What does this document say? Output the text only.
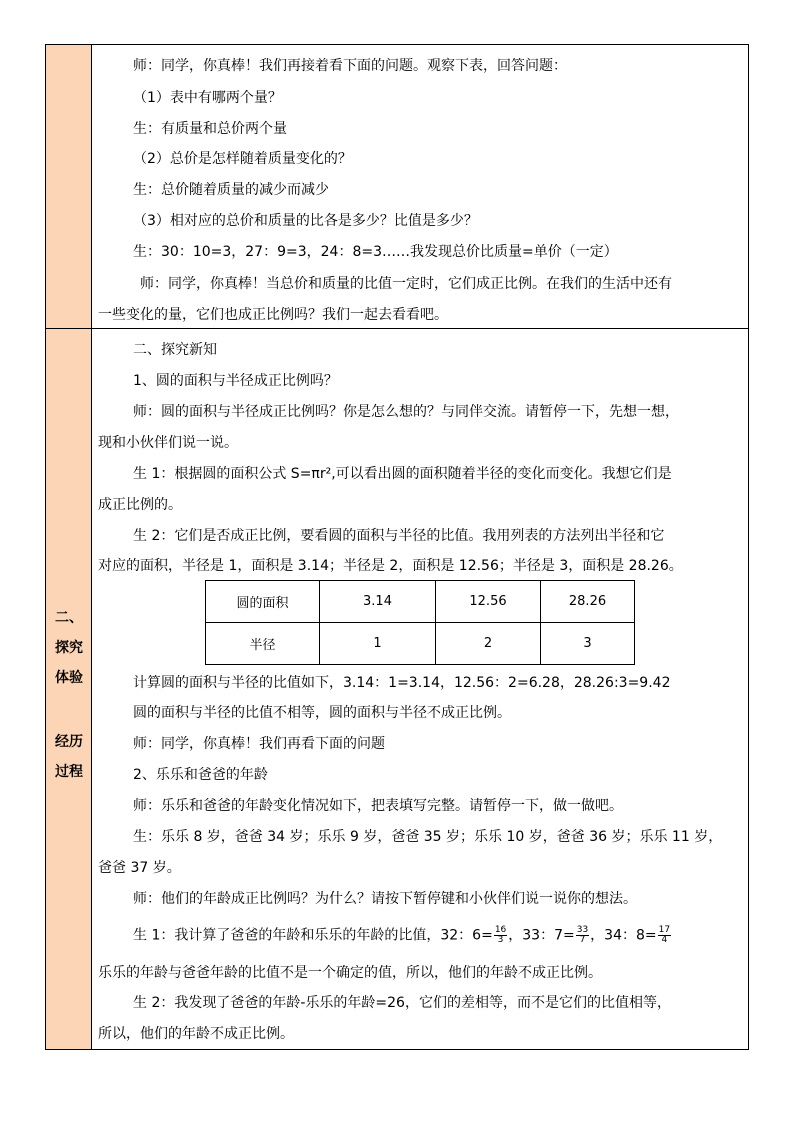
二、
探究
体验
经历
过程
师：同学，你真棒！我们再接着看下面的问题。观察下表，回答问题：
（1）表中有哪两个量？
生：有质量和总价两个量
（2）总价是怎样随着质量变化的？
生：总价随着质量的减少而减少
（3）相对应的总价和质量的比各是多少？比值是多少？
生：30：10=3，27：9=3，24：8=3……我发现总价比质量=单价（一定）
师：同学，你真棒！当总价和质量的比值一定时，它们成正比例。在我们的生活中还有
一些变化的量，它们也成正比例吗？我们一起去看看吧。
二、探究新知
1、圆的面积与半径成正比例吗？
师：圆的面积与半径成正比例吗？你是怎么想的？与同伴交流。请暂停一下，先想一想，
现和小伙伴们说一说。
生 1：根据圆的面积公式 S=πr²,可以看出圆的面积随着半径的变化而变化。我想它们是
成正比例的。
生 2：它们是否成正比例，要看圆的面积与半径的比值。我用列表的方法列出半径和它
对应的面积，半径是 1，面积是 3.14；半径是 2，面积是 12.56；半径是 3，面积是 28.26。
圆的面积	3.14	12.56	28.26
半径	1	2	3
计算圆的面积与半径的比值如下，3.14：1=3.14，12.56：2=6.28，28.26:3=9.42
圆的面积与半径的比值不相等，圆的面积与半径不成正比例。
师：同学，你真棒！我们再看下面的问题
2、乐乐和爸爸的年龄
师：乐乐和爸爸的年龄变化情况如下，把表填写完整。请暂停一下，做一做吧。
生：乐乐 8 岁，爸爸 34 岁；乐乐 9 岁，爸爸 35 岁；乐乐 10 岁，爸爸 36 岁；乐乐 11 岁，
爸爸 37 岁。
师：他们的年龄成正比例吗？为什么？请按下暂停键和小伙伴们说一说你的想法。
生 1：我计算了爸爸的年龄和乐乐的年龄的比值，32：$6= \frac{16}{3}$ ，33：$7= \frac{33}{7}$ ，34：$8= \frac{17}{4}$
乐乐的年龄与爸爸年龄的比值不是一个确定的值，所以，他们的年龄不成正比例。
生 2：我发现了爸爸的年龄-乐乐的年龄=26，它们的差相等，而不是它们的比值相等，
所以，他们的年龄不成正比例。
